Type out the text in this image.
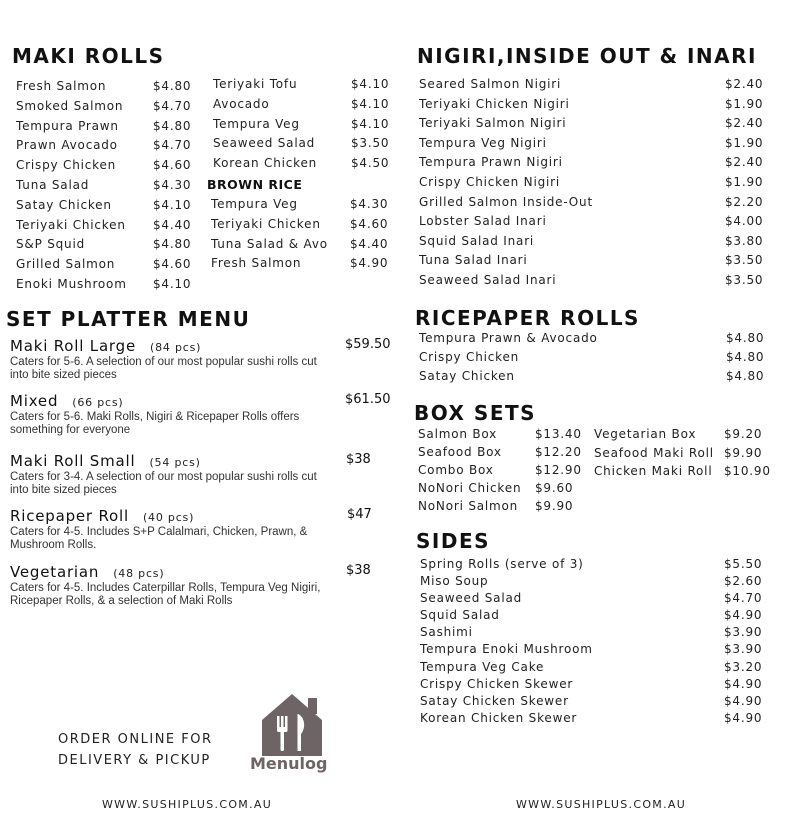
MAKI ROLLS
Fresh Salmon	$4.80
Smoked Salmon $4.70
Tempura Prawn	$4.80
Prawn Avocado	$4.70
Crispy Chicken	$4.60
Tuna Salad	$4.30
Satay Chicken	$4.10
Teriyaki Chicken $4.40
S&P Squid	$4.80
Grilled Salmon	$4.60
Enoki Mushroom $4.10
Teriyaki Tofu	$4.10
Avocado	$4.10
Tempura Veg	$4.10
Seaweed Salad	$3.50
Korean Chicken	$4.50
BROWN RICE
Tempura Veg	$4.30
Teriyaki Chicken $4.60
Tuna Salad & Avo $4.40
Fresh Salmon	$4.90
SET PLATTER MENU
Maki Roll Large (84 pcs)	$59.50
Caters for 5-6. A selection of our most popular sushi rolls cut into bite sized pieces
Mixed (66 pcs)	$61.50
Caters for 5-6. Maki Rolls, Nigiri & Ricepaper Rolls offers something for everyone
Maki Roll Small (54 pcs)	$38
Caters for 3-4. A selection of our most popular sushi rolls cut into bite sized pieces
Ricepaper Roll (40 pcs)	$47
Caters for 4-5. Includes S+P Calalmari, Chicken, Prawn, & Mushroom Rolls.
Vegetarian (48 pcs)	$38
Caters for 4-5. Includes Caterpillar Rolls, Tempura Veg Nigiri, Ricepaper Rolls, & a selection of Maki Rolls
ORDER ONLINE FOR
DELIVERY & PICKUP Menulog
WWW.SUSHIPLUS.COM.AU
NIGIRI,INSIDE OUT & INARI
Seared Salmon Nigiri	$2.40
Teriyaki Chicken Nigiri	$1.90
Teriyaki Salmon Nigiri	$2.40
Tempura Veg Nigiri	$1.90
Tempura Prawn Nigiri	$2.40
Crispy Chicken Nigiri	$1.90
Grilled Salmon Inside-Out	$2.20
Lobster Salad Inari	$4.00
Squid Salad Inari	$3.80
Tuna Salad Inari	$3.50
Seaweed Salad Inari	$3.50
RICEPAPER ROLLS
Tempura Prawn & Avocado	$4.80
Crispy Chicken	$4.80
Satay Chicken	$4.80
BOX SETS
Salmon Box	$13.40
Seafood Box	$12.20
Combo Box	$12.90
NoNori Chicken $9.60
NoNori Salmon $9.90
Vegetarian Box $9.20
Seafood Maki Roll $9.90
Chicken Maki Roll $10.90
SIDES
Spring Rolls (serve of 3)	$5.50
Miso Soup	$2.60
Seaweed Salad	$4.70
Squid Salad	$4.90
Sashimi	$3.90
Tempura Enoki Mushroom	$3.90
Tempura Veg Cake	$3.20
Crispy Chicken Skewer	$4.90
Satay Chicken Skewer	$4.90
Korean Chicken Skewer	$4.90
WWW.SUSHIPLUS.COM.AU
